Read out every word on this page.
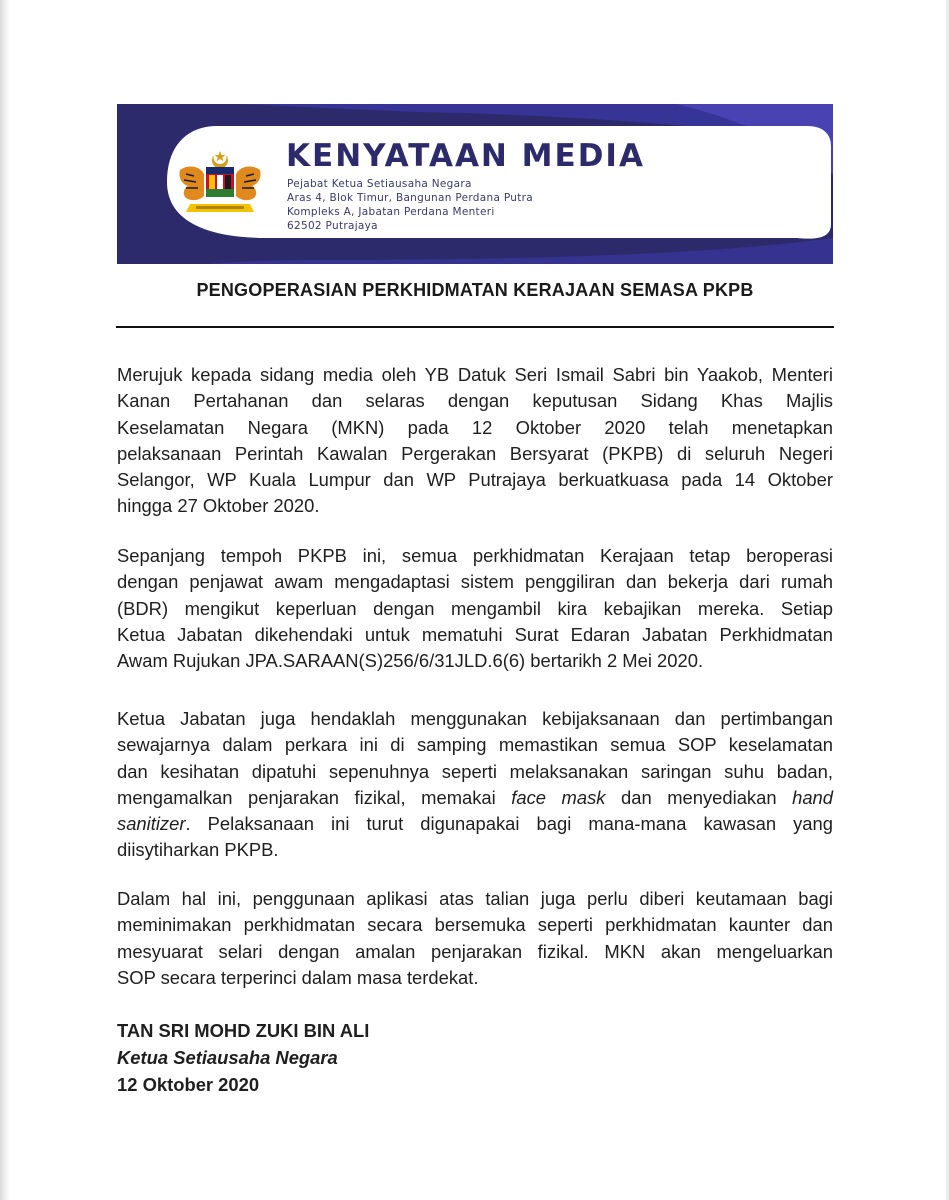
KENYATAAN MEDIA
Pejabat Ketua Setiausaha Negara
Aras 4, Blok Timur, Bangunan Perdana Putra
Kompleks A, Jabatan Perdana Menteri
62502 Putrajaya
PENGOPERASIAN PERKHIDMATAN KERAJAAN SEMASA PKPB
Merujuk kepada sidang media oleh YB Datuk Seri Ismail Sabri bin Yaakob, Menteri
Kanan Pertahanan dan selaras dengan keputusan Sidang Khas Majlis
Keselamatan Negara (MKN) pada 12 Oktober 2020 telah menetapkan
pelaksanaan Perintah Kawalan Pergerakan Bersyarat (PKPB) di seluruh Negeri
Selangor, WP Kuala Lumpur dan WP Putrajaya berkuatkuasa pada 14 Oktober
hingga 27 Oktober 2020.
Sepanjang tempoh PKPB ini, semua perkhidmatan Kerajaan tetap beroperasi
dengan penjawat awam mengadaptasi sistem penggiliran dan bekerja dari rumah
(BDR) mengikut keperluan dengan mengambil kira kebajikan mereka. Setiap
Ketua Jabatan dikehendaki untuk mematuhi Surat Edaran Jabatan Perkhidmatan
Awam Rujukan JPA.SARAAN(S)256/6/31JLD.6(6) bertarikh 2 Mei 2020.
Ketua Jabatan juga hendaklah menggunakan kebijaksanaan dan pertimbangan
sewajarnya dalam perkara ini di samping memastikan semua SOP keselamatan
dan kesihatan dipatuhi sepenuhnya seperti melaksanakan saringan suhu badan,
mengamalkan penjarakan fizikal, memakai face mask dan menyediakan hand
sanitizer. Pelaksanaan ini turut digunapakai bagi mana-mana kawasan yang
diisytiharkan PKPB.
Dalam hal ini, penggunaan aplikasi atas talian juga perlu diberi keutamaan bagi
meminimakan perkhidmatan secara bersemuka seperti perkhidmatan kaunter dan
mesyuarat selari dengan amalan penjarakan fizikal. MKN akan mengeluarkan
SOP secara terperinci dalam masa terdekat.
TAN SRI MOHD ZUKI BIN ALI
Ketua Setiausaha Negara
12 Oktober 2020
